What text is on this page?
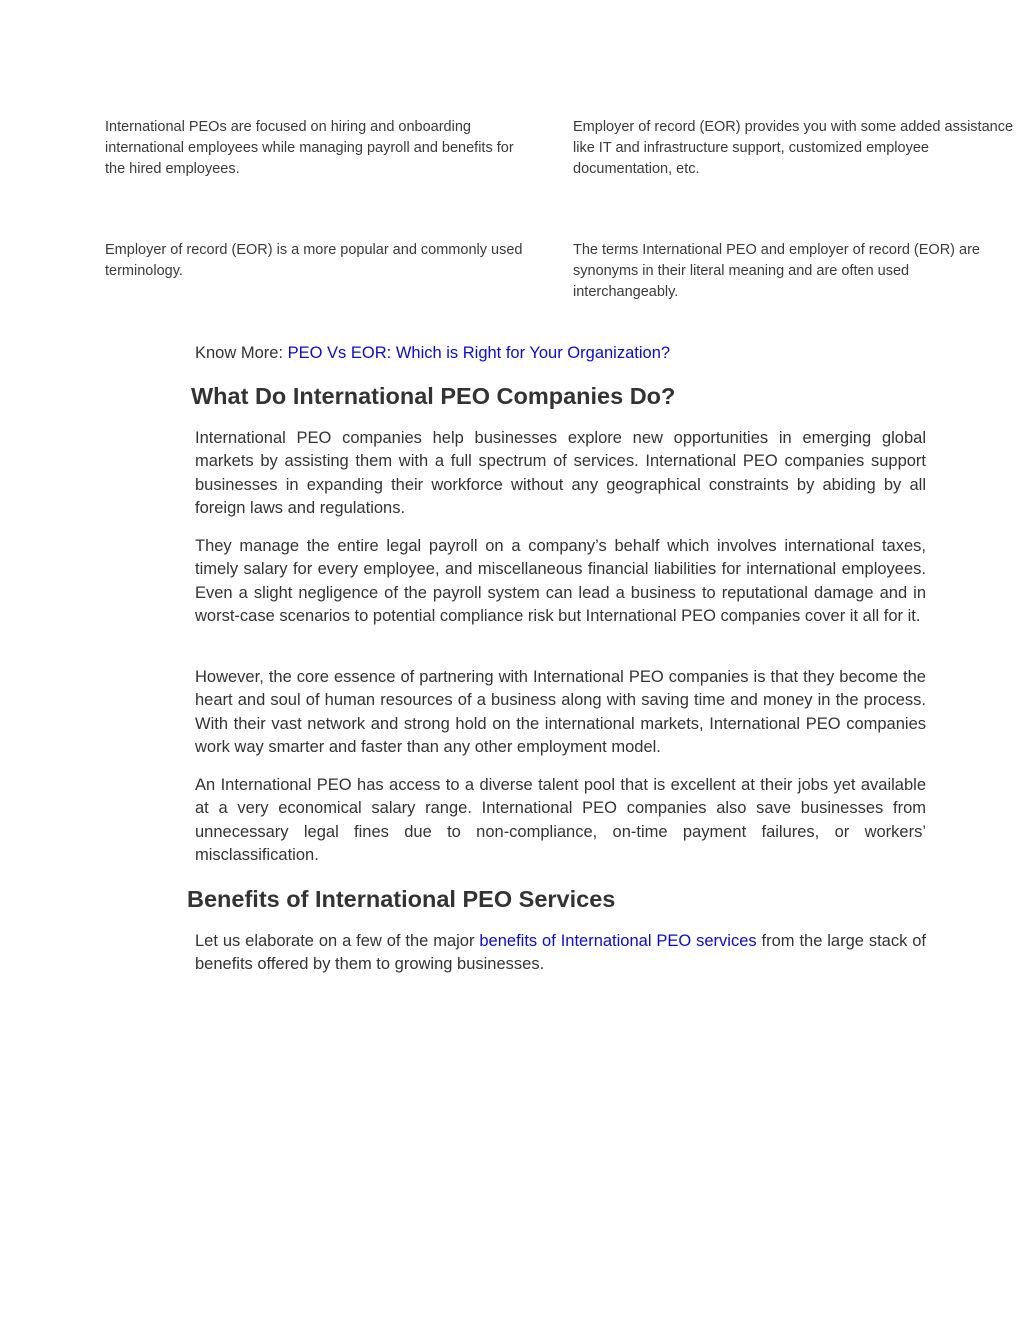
International PEOs are focused on hiring and onboarding international employees while managing payroll and benefits for the hired employees.
Employer of record (EOR) provides you with some added assistance like IT and infrastructure support, customized employee documentation, etc.
Employer of record (EOR) is a more popular and commonly used terminology.
The terms International PEO and employer of record (EOR) are synonyms in their literal meaning and are often used interchangeably.
Know More: PEO Vs EOR: Which is Right for Your Organization?
What Do International PEO Companies Do?

International PEO companies help businesses explore new opportunities in emerging global markets by assisting them with a full spectrum of services. International PEO companies support businesses in expanding their workforce without any geographical constraints by abiding by all foreign laws and regulations.

They manage the entire legal payroll on a company’s behalf which involves international taxes, timely salary for every employee, and miscellaneous financial liabilities for international employees. Even a slight negligence of the payroll system can lead a business to reputational damage and in worst-case scenarios to potential compliance risk but International PEO companies cover it all for it.

However, the core essence of partnering with International PEO companies is that they become the heart and soul of human resources of a business along with saving time and money in the process. With their vast network and strong hold on the international markets, International PEO companies work way smarter and faster than any other employment model.

An International PEO has access to a diverse talent pool that is excellent at their jobs yet available at a very economical salary range. International PEO companies also save businesses from unnecessary legal fines due to non-compliance, on-time payment failures, or workers’ misclassification.

Benefits of International PEO Services

Let us elaborate on a few of the major benefits of International PEO services from the large stack of benefits offered by them to growing businesses.
